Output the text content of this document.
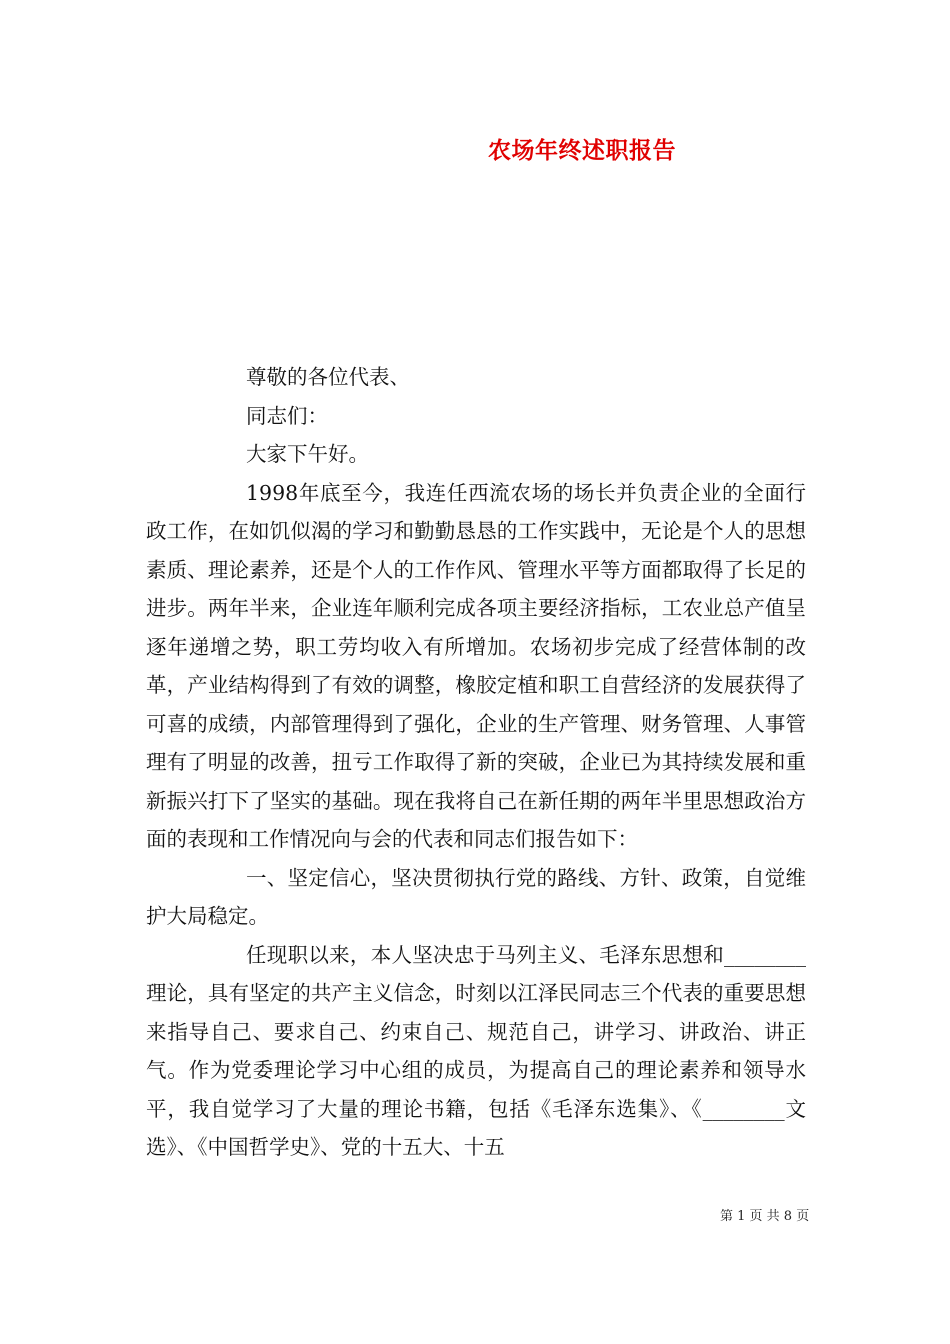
农场年终述职报告

尊敬的各位代表、

同志们：

大家下午好。

1998年底至今，我连任西流农场的场长并负责企业的全面行政工作，在如饥似渴的学习和勤勤恳恳的工作实践中，无论是个人的思想素质、理论素养，还是个人的工作作风、管理水平等方面都取得了长足的进步。两年半来，企业连年顺利完成各项主要经济指标，工农业总产值呈逐年递增之势，职工劳均收入有所增加。农场初步完成了经营体制的改革，产业结构得到了有效的调整，橡胶定植和职工自营经济的发展获得了可喜的成绩，内部管理得到了强化，企业的生产管理、财务管理、人事管理有了明显的改善，扭亏工作取得了新的突破，企业已为其持续发展和重新振兴打下了坚实的基础。现在我将自己在新任期的两年半里思想政治方面的表现和工作情况向与会的代表和同志们报告如下：

一、坚定信心，坚决贯彻执行党的路线、方针、政策，自觉维护大局稳定。

任现职以来，本人坚决忠于马列主义、毛泽东思想和________理论，具有坚定的共产主义信念，时刻以江泽民同志三个代表的重要思想来指导自己、要求自己、约束自己、规范自己，讲学习、讲政治、讲正气。作为党委理论学习中心组的成员，为提高自己的理论素养和领导水平，我自觉学习了大量的理论书籍，包括《毛泽东选集》、《________文选》、《中国哲学史》、党的十五大、十五

第 1 页 共 8 页
